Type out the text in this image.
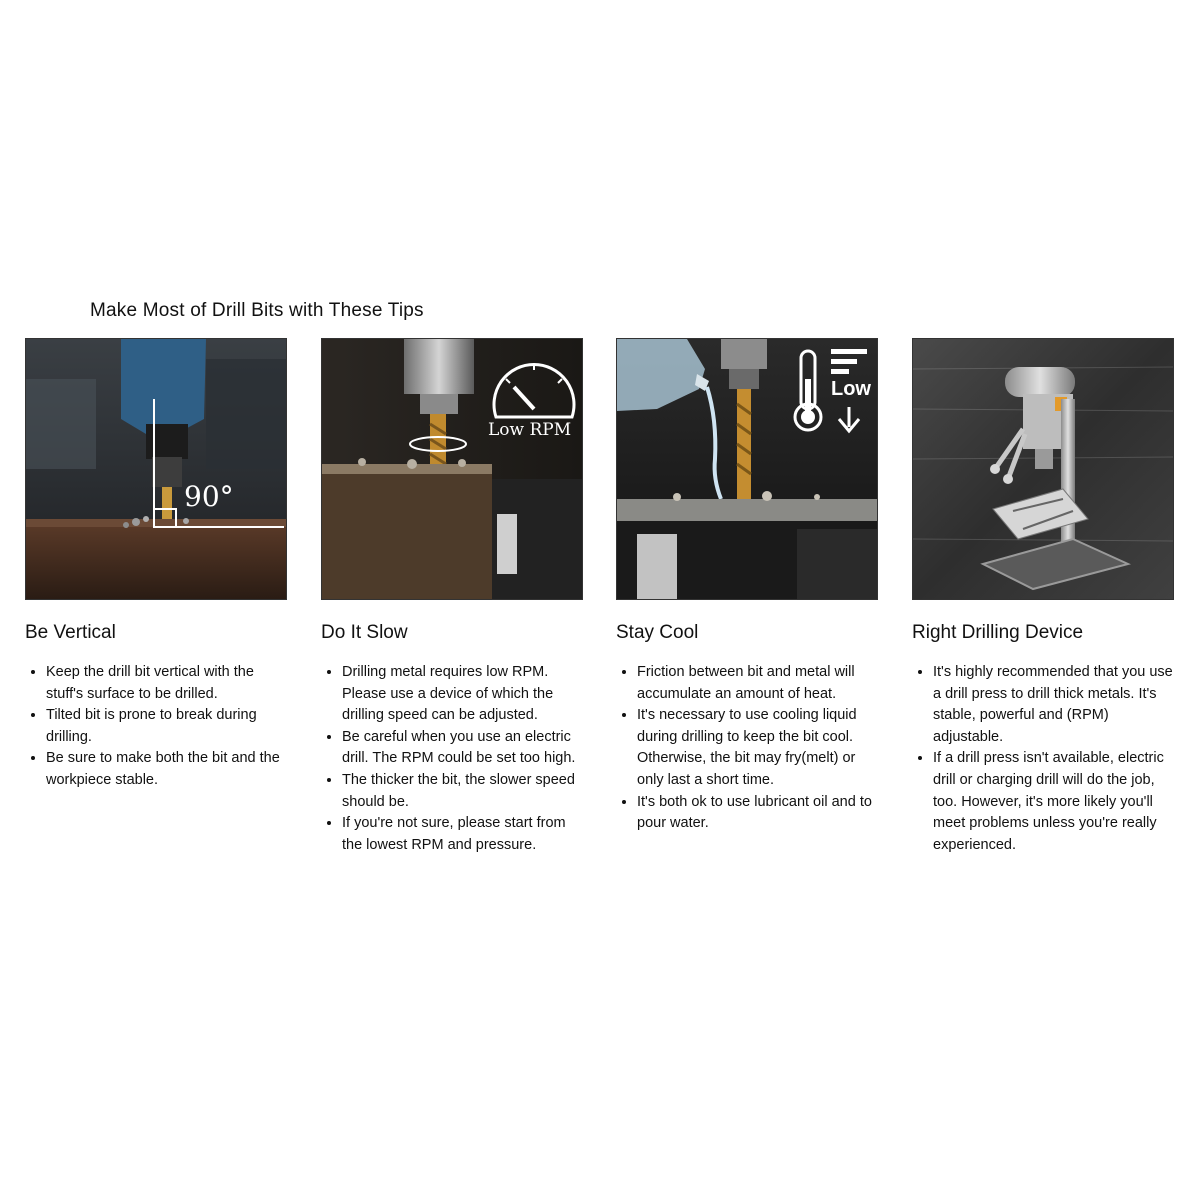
Make Most of Drill Bits with These Tips
90°
Be Vertical
• Keep the drill bit vertical with the stuff's surface to be drilled.
• Tilted bit is prone to break during drilling.
• Be sure to make both the bit and the workpiece stable.
Low RPM
Do It Slow
• Drilling metal requires low RPM. Please use a device of which the drilling speed can be adjusted.
• Be careful when you use an electric drill. The RPM could be set too high.
• The thicker the bit, the slower speed should be.
• If you're not sure, please start from the lowest RPM and pressure.
Low
Stay Cool
• Friction between bit and metal will accumulate an amount of heat.
• It's necessary to use cooling liquid during drilling to keep the bit cool. Otherwise, the bit may fry(melt) or only last a short time.
• It's both ok to use lubricant oil and to pour water.
Right Drilling Device
• It's highly recommended that you use a drill press to drill thick metals. It's stable, powerful and (RPM) adjustable.
• If a drill press isn't available, electric drill or charging drill will do the job, too. However, it's more likely you'll meet problems unless you're really experienced.
